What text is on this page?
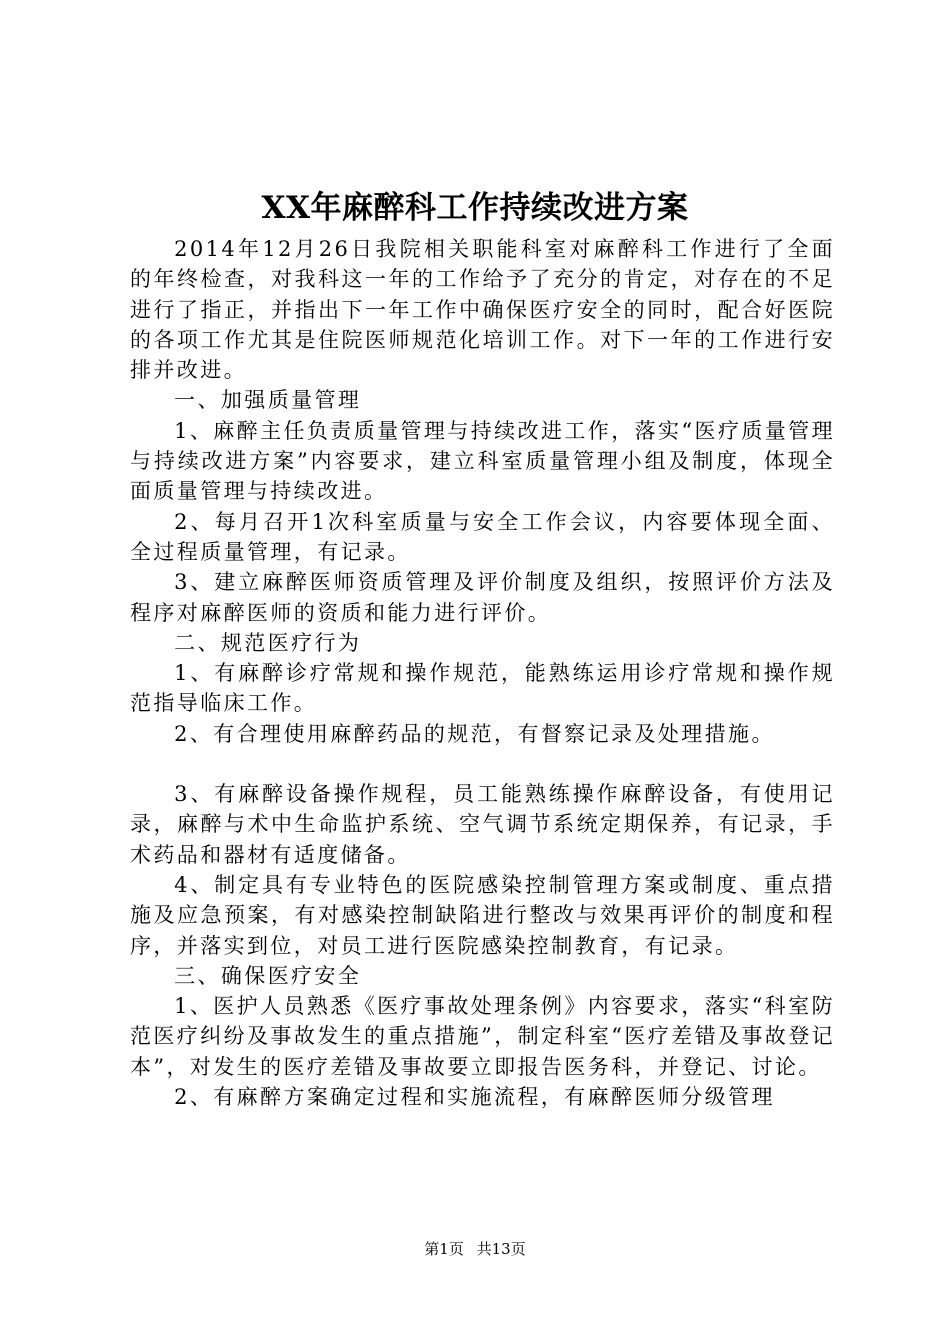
XX年麻醉科工作持续改进方案

2014年12月26日我院相关职能科室对麻醉科工作进行了全面的年终检查，对我科这一年的工作给予了充分的肯定，对存在的不足进行了指正，并指出下一年工作中确保医疗安全的同时，配合好医院的各项工作尤其是住院医师规范化培训工作。对下一年的工作进行安排并改进。

一、加强质量管理

1、麻醉主任负责质量管理与持续改进工作，落实“医疗质量管理与持续改进方案”内容要求，建立科室质量管理小组及制度，体现全面质量管理与持续改进。

2、每月召开1次科室质量与安全工作会议，内容要体现全面、全过程质量管理，有记录。

3、建立麻醉医师资质管理及评价制度及组织，按照评价方法及程序对麻醉医师的资质和能力进行评价。

二、规范医疗行为

1、有麻醉诊疗常规和操作规范，能熟练运用诊疗常规和操作规范指导临床工作。

2、有合理使用麻醉药品的规范，有督察记录及处理措施。

3、有麻醉设备操作规程，员工能熟练操作麻醉设备，有使用记录，麻醉与术中生命监护系统、空气调节系统定期保养，有记录，手术药品和器材有适度储备。

4、制定具有专业特色的医院感染控制管理方案或制度、重点措施及应急预案，有对感染控制缺陷进行整改与效果再评价的制度和程序，并落实到位，对员工进行医院感染控制教育，有记录。

三、确保医疗安全

1、医护人员熟悉《医疗事故处理条例》内容要求，落实“科室防范医疗纠纷及事故发生的重点措施”，制定科室“医疗差错及事故登记本”，对发生的医疗差错及事故要立即报告医务科，并登记、讨论。

2、有麻醉方案确定过程和实施流程，有麻醉医师分级管理

第1页 共13页
